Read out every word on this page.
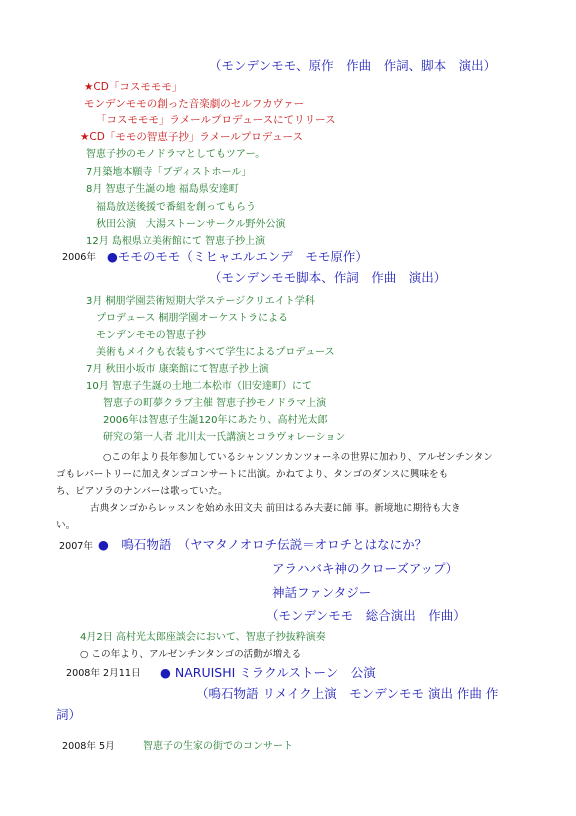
（モンデンモモ、原作　作曲　作詞、脚本　演出）
★CD「コスモモモ」
モンデンモモの創った音楽劇のセルフカヴァー
「コスモモモ」ラメールプロデュースにてリリース
★CD「モモの智恵子抄」ラメールプロデュース
智恵子抄のモノドラマとしてもツアー。
7月築地本願寺「ブディストホール」
8月 智恵子生誕の地 福島県安達町
福島放送後援で番組を創ってもらう
秋田公演　大湯ストーンサークル野外公演
12月 島根県立美術館にて 智恵子抄上演
2006年 ●モモのモモ（ミヒャエルエンデ　モモ原作）
（モンデンモモ脚本、作詞　作曲　演出）
3月 桐朋学園芸術短期大学ステージクリエイト学科
プロデュース 桐朋学園オーケストラによる
モンデンモモの智恵子抄
美術もメイクも衣装もすべて学生によるプロデュース
7月 秋田小坂市 康楽館にて智恵子抄上演
10月 智恵子生誕の土地二本松市（旧安達町）にて
智恵子の町夢クラブ主催 智恵子抄モノドラマ上演
2006年は智恵子生誕120年にあたり、高村光太郎
研究の第一人者 北川太一氏講演とコラヴォレーション
○この年より長年参加しているシャンソンカンツォーネの世界に加わり、アルゼンチンタン
ゴもレパートリーに加えタンゴコンサートに出演。かねてより、タンゴのダンスに興味をも
ち、ピアソラのナンバーは歌っていた。
古典タンゴからレッスンを始め永田文夫 前田はるみ夫妻に師 事。新境地に期待も大き
い。
2007年 ●　鳴石物語　（ヤマタノオロチ伝説＝オロチとはなにか？
アラハバキ神のクローズアップ）
神話ファンタジー
（モンデンモモ　総合演出　作曲）
4月2日 高村光太郎座談会において、智恵子抄抜粋演奏
○ この年より、アルゼンチンタンゴの活動が増える
2008年 2月11日 ● NARUISHI ミラクルストーン　公演
（鳴石物語 リメイク上演　モンデンモモ 演出 作曲 作
詞）
2008年 5月	智恵子の生家の街でのコンサート
